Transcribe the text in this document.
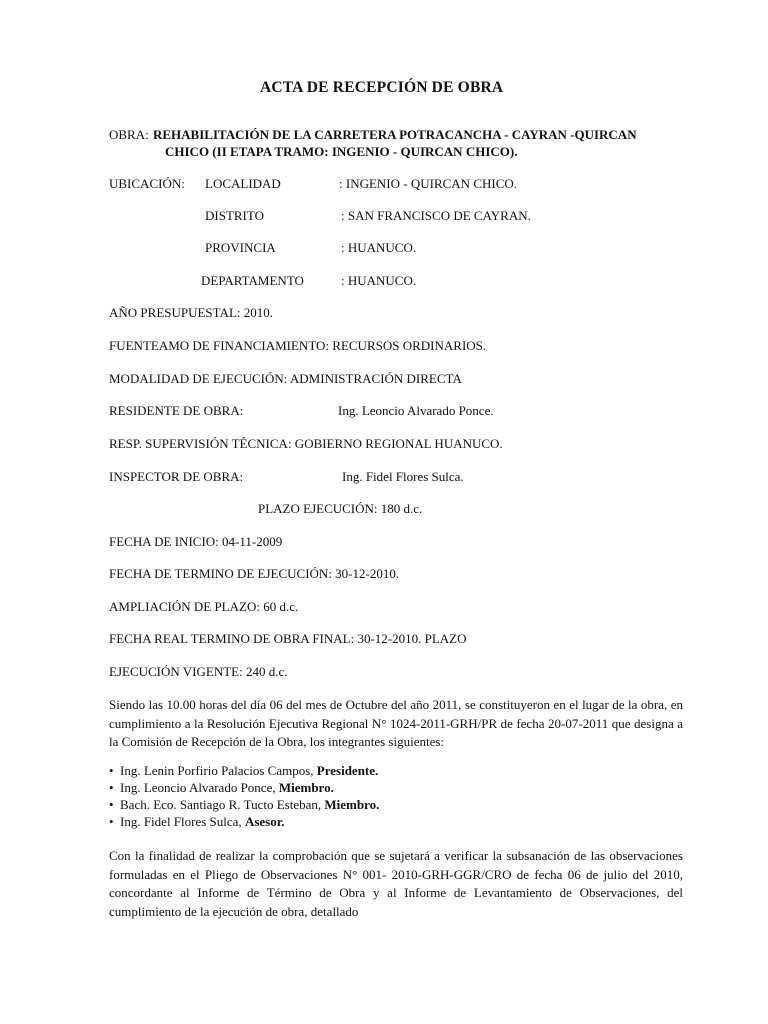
ACTA DE RECEPCIÓN DE OBRA
OBRA: REHABILITACIÓN DE LA CARRETERA POTRACANCHA - CAYRAN -QUIRCAN
CHICO (II ETAPA TRAMO: INGENIO - QUIRCAN CHICO).
UBICACIÓN: LOCALIDAD	: INGENIO - QUIRCAN CHICO.
DISTRITO	: SAN FRANCISCO DE CAYRAN.
PROVINCIA	: HUANUCO.
DEPARTAMENTO	: HUANUCO.
AÑO PRESUPUESTAL: 2010.
FUENTEAMO DE FINANCIAMIENTO: RECURSOS ORDINARIOS.
MODALIDAD DE EJECUCIÓN: ADMINISTRACIÓN DIRECTA
RESIDENTE DE OBRA:	Ing. Leoncio Alvarado Ponce.
RESP. SUPERVISIÓN TÉCNICA: GOBIERNO REGIONAL HUANUCO.
INSPECTOR DE OBRA:	Ing. Fidel Flores Sulca.
PLAZO EJECUCIÓN: 180 d.c.
FECHA DE INICIO: 04-11-2009
FECHA DE TERMINO DE EJECUCIÓN: 30-12-2010.
AMPLIACIÓN DE PLAZO: 60 d.c.
FECHA REAL TERMINO DE OBRA FINAL: 30-12-2010. PLAZO
EJECUCIÓN VIGENTE: 240 d.c.
Siendo las 10.00 horas del día 06 del mes de Octubre del año 2011, se constituyeron en el lugar de la obra, en cumplimiento a la Resolución Ejecutiva Regional N° 1024-2011-GRH/PR de fecha 20-07-2011 que designa a la Comisión de Recepción de la Obra, los integrantes siguientes:
• Ing. Lenin Porfirio Palacios Campos, Presidente.
• Ing. Leoncio Alvarado Ponce, Miembro.
• Bach. Eco. Santiago R. Tucto Esteban, Miembro.
• Ing. Fidel Flores Sulca, Asesor.
Con la finalidad de realizar la comprobación que se sujetará a verificar la subsanación de las observaciones formuladas en el Pliego de Observaciones N° 001- 2010-GRH-GGR/CRO de fecha 06 de julio del 2010, concordante al Informe de Término de Obra y al Informe de Levantamiento de Observaciones, del cumplimiento de la ejecución de obra, detallado
